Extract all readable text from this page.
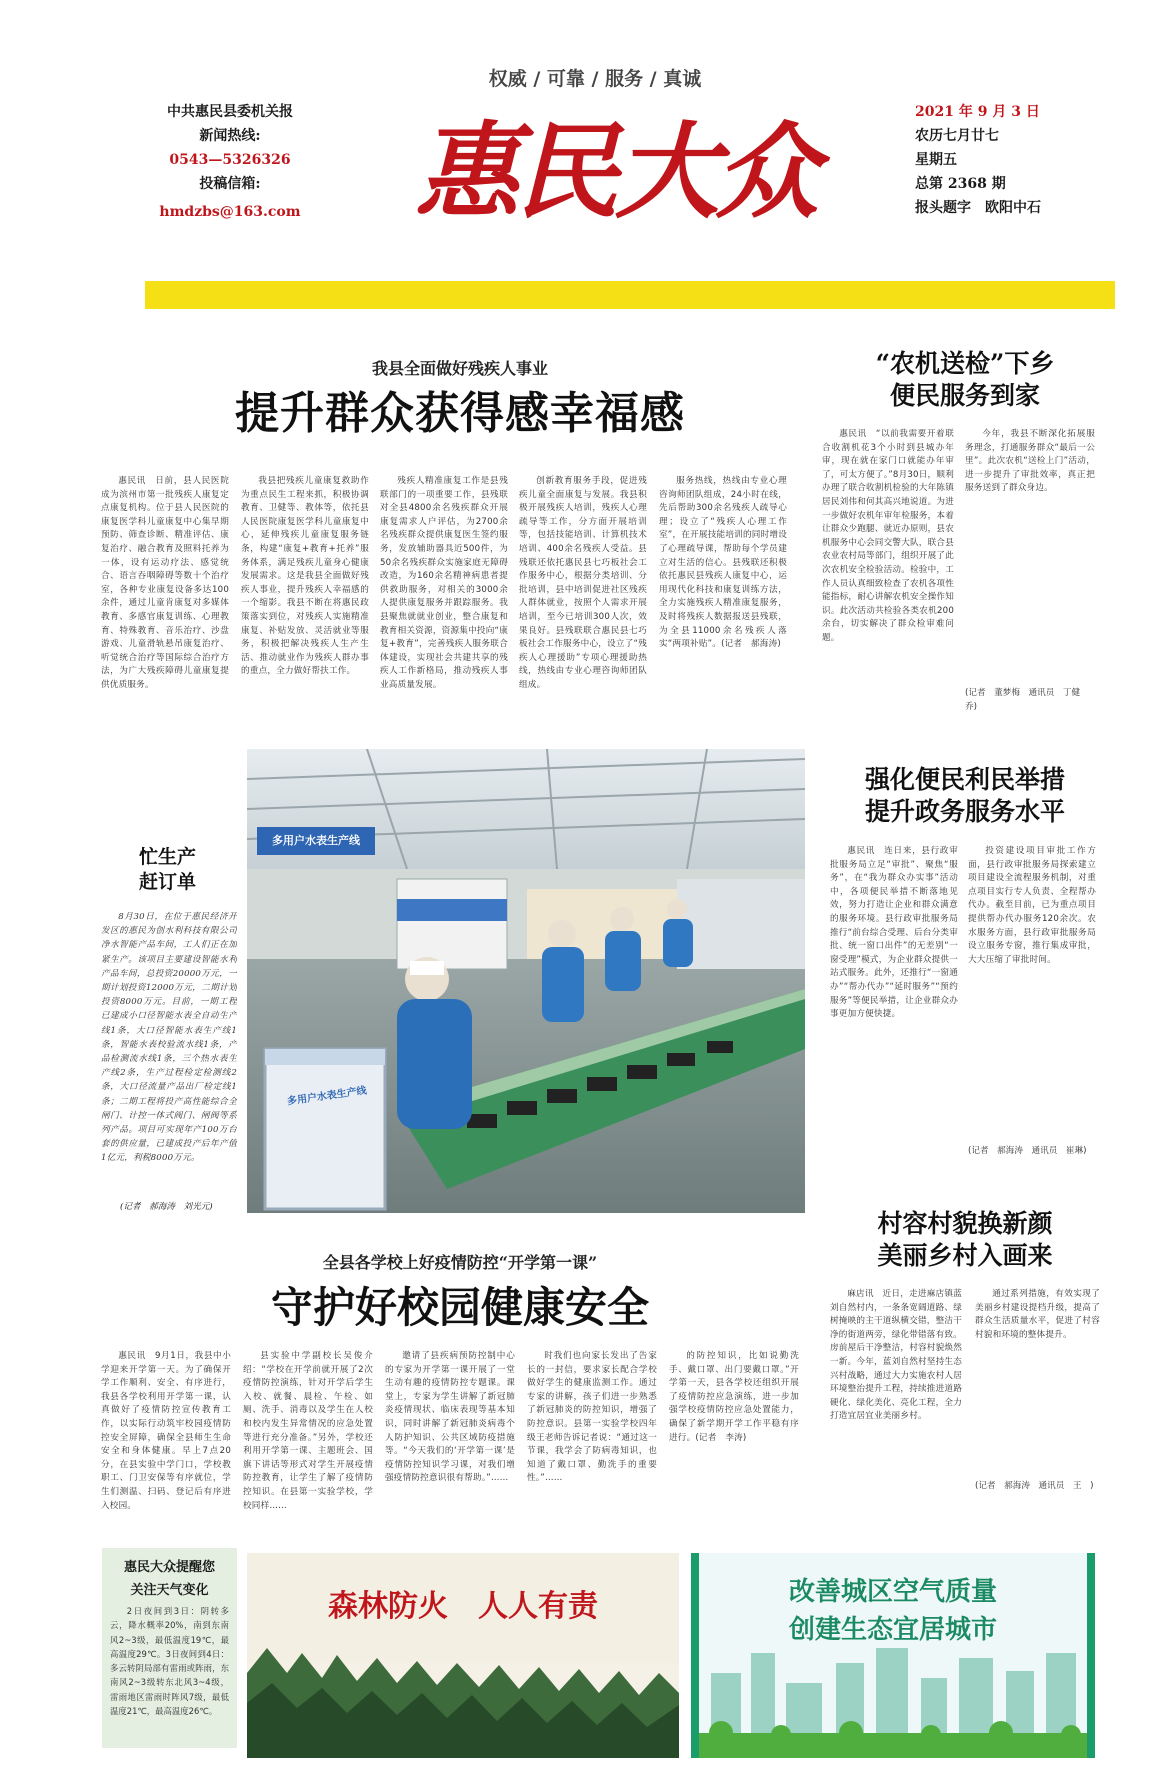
权威 / 可靠 / 服务 / 真诚
中共惠民县委机关报
新闻热线:
0543—5326326
投稿信箱:
hmdzbs@163.com 惠民大众	2021 年 9 月 3 日
农历七月廿七
星期五
总第 2368 期
报头题字　欧阳中石
我县全面做好残疾人事业
提升群众获得感幸福感
惠民讯　日前，县人民医院成为滨州市第一批残疾人康复定点康复机构。位于县人民医院的康复医学科儿童康复中心集早期预防、筛查诊断、精准评估、康复治疗、融合教育及照料托养为一体，设有运动疗法、感觉统合、语言吞咽障碍等数十个治疗室，各种专业康复设备多达100余件，通过儿童肯康复对多媒体教育、多感官康复训练、心理教育、特殊教育、音乐治疗、沙盘游戏、儿童滑轨悬吊康复治疗、听觉统合治疗等国际综合治疗方法，为广大残疾障碍儿童康复提供优质服务。
我县把残疾儿童康复救助作为重点民生工程来抓，积极协调教育、卫健等、教体等，依托县人民医院康复医学科儿童康复中心，延伸残疾儿童康复服务链条，构建“康复+教育+托养”服务体系，满足残疾儿童身心健康发展需求。这是我县全面做好残疾人事业，提升残疾人幸福感的一个缩影。我县不断在将惠民政策落实到位，对残疾人实施精准康复、补贴发放、灵活就业等服务，积极把解决残疾人生产生活、推动就业作为残疾人群办事的重点，全力做好帮扶工作。
残疾人精准康复工作是县残联部门的一项重要工作，县残联对全县4800余名残疾群众开展康复需求人户评估，为2700余名残疾群众提供康复医生签约服务，发放辅助器具近500件，为50余名残疾群众实施家庭无障碍改造，为160余名精神病患者提供救助服务，对相关的3000余人提供康复服务并跟踪服务。我县聚焦就就业创业，整合康复和教育相关资源，资源集中投向“康复+教育”，完善残疾人服务联合体建设，实现社会共建共享的残疾人工作新格局，推动残疾人事业高质量发展。
创新教育服务手段，促进残疾儿童全面康复与发展。我县积极开展残疾人培训，残疾人心理疏导等工作，分方面开展培训等，包括技能培训、计算机技术培训、400余名残疾人受益。县残联还依托惠民县七巧板社会工作服务中心，根据分类培训、分批培训，县中培训促进社区残疾人群体就业，按照个人需求开展培训，至今已培训300人次，效果良好。县残联联合惠民县七巧板社会工作服务中心，设立了“残疾人心理援助”专项心理援助热线，热线由专业心理咨询师团队组成。
服务热线，热线由专业心理咨询师团队组成，24小时在线，先后帮助300余名残疾人疏导心理；设立了“残疾人心理工作室”，在开展技能培训的同时增设了心理疏导课，帮助每个学员建立对生活的信心。县残联还积极依托惠民县残疾人康复中心，运用现代化科技和康复训练方法，全力实施残疾人精准康复服务，及时将残疾人数据报送县残联，为全县11000余名残疾人落实“两项补贴”。(记者　郝海涛)
多用户水表生产线
多用户水表生产线
忙生产
赶订单
8月30日，在位于惠民经济开发区的惠民为创水利科技有限公司净水智能产品车间，工人们正在加紧生产。该项目主要建设智能水利产品车间，总投资20000万元，一期计划投资12000万元，二期计划投资8000万元。目前，一期工程已建成小口径智能水表全自动生产线1条，大口径智能水表生产线1条，智能水表校验流水线1条，产品检测流水线1条，三个热水表生产线2条，生产过程检定检测线2条，大口径流量产品出厂检定线1条；二期工程将投产高性能综合全闸门、计控一体式阀门、闸阀等系列产品。项目可实现年产100万台套的供应量，已建成投产后年产值1亿元，利税8000万元。
(记者　郝海涛　刘光元)
“农机送检”下乡
便民服务到家
惠民讯　“以前我需要开着联合收割机花3个小时到县城办年审，现在就在家门口就能办年审了，可太方便了。”8月30日，顺利办理了联合收割机检验的大年陈镇居民刘伟和何其高兴地说道。为进一步做好农机年审年检服务，本着让群众少跑腿、就近办原则，县农机服务中心会同交警大队，联合县农业农村局等部门，组织开展了此次农机安全检验活动。检验中，工作人员认真细致检查了农机各项性能指标，耐心讲解农机安全操作知识。此次活动共检验各类农机200余台，切实解决了群众检审难问题。
今年，我县不断深化拓展服务理念，打通服务群众“最后一公里”。此次农机“送检上门”活动，进一步提升了审批效率，真正把服务送到了群众身边。
(记者　董梦梅　通讯员　丁健　乔)
强化便民利民举措
提升政务服务水平
惠民讯　连日来，县行政审批服务局立足“审批”、聚焦“服务”，在“我为群众办实事”活动中，各项便民举措不断落地见效，努力打造让企业和群众满意的服务环境。县行政审批服务局推行“前台综合受理、后台分类审批、统一窗口出件”的无差别“一窗受理”模式，为企业群众提供一站式服务。此外，还推行“一窗通办”“帮办代办”“延时服务”“预约服务”等便民举措，让企业群众办事更加方便快捷。
投资建设项目审批工作方面，县行政审批服务局探索建立项目建设全流程服务机制，对重点项目实行专人负责、全程帮办代办。截至目前，已为重点项目提供帮办代办服务120余次。农水服务方面，县行政审批服务局设立服务专窗，推行集成审批，大大压缩了审批时间。
(记者　郝海涛　通讯员　崔琳)
村容村貌换新颜
美丽乡村入画来
麻店讯　近日，走进麻店镇蓝刘自然村内，一条条宽阔道路、绿树掩映的主干道纵横交错，整洁干净的街道两旁，绿化带错落有致。房前屋后干净整洁，村容村貌焕然一新。今年，蓝刘自然村坚持生态兴村战略，通过大力实施农村人居环境整治提升工程，持续推进道路硬化、绿化美化、亮化工程，全力打造宜居宜业美丽乡村。
通过系列措施，有效实现了美丽乡村建设提档升级，提高了群众生活质量水平，促进了村容村貌和环境的整体提升。
(记者　郝海涛　通讯员　王　)
全县各学校上好疫情防控“开学第一课”
守护好校园健康安全
惠民讯　9月1日，我县中小学迎来开学第一天。为了确保开学工作顺利、安全、有序进行，我县各学校利用开学第一课，认真做好了疫情防控宣传教育工作，以实际行动筑牢校园疫情防控安全屏障，确保全县师生生命安全和身体健康。早上7点20分，在县实验中学门口，学校教职工、门卫安保等有序就位，学生们测温、扫码、登记后有序进入校园。
县实验中学副校长吴俊介绍：“学校在开学前就开展了2次疫情防控演练，针对开学后学生入校、就餐、晨检、午检、如厕、洗手、消毒以及学生在人校和校内发生异常情况的应急处置等进行充分准备。”另外，学校还利用开学第一课、主题班会、国旗下讲话等形式对学生开展疫情防控教育，让学生了解了疫情防控知识。在县第一实验学校，学校同样……
邀请了县疾病预防控制中心的专家为开学第一课开展了一堂生动有趣的疫情防控专题课。课堂上，专家为学生讲解了新冠肺炎疫情现状、临床表现等基本知识，同时讲解了新冠肺炎病毒个人防护知识、公共区域防疫措施等。“今天我们的‘开学第一课’是疫情防控知识学习课，对我们增强疫情防控意识很有帮助。”……
时我们也向家长发出了告家长的一封信，要求家长配合学校做好学生的健康监测工作。通过专家的讲解，孩子们进一步熟悉了新冠肺炎的防控知识，增强了防控意识。县第一实验学校四年级王老师告诉记者说：“通过这一节课，我学会了防病毒知识，也知道了戴口罩、勤洗手的重要性。”……
的防控知识，比如说勤洗手、戴口罩、出门要戴口罩。”开学第一天，县各学校还组织开展了疫情防控应急演练，进一步加强学校疫情防控应急处置能力，确保了新学期开学工作平稳有序进行。(记者　李涛)
惠民大众提醒您
关注天气变化
2日夜间到3日：阴转多云，降水概率20%，南到东南风2~3级，最低温度19℃，最高温度29℃。3日夜间到4日：多云转阴局部有雷雨或阵雨，东南风2~3级转东北风3~4级，雷雨地区雷雨时阵风7级，最低温度21℃，最高温度26℃。
森林防火　人人有责	改善城区空气质量
创建生态宜居城市
